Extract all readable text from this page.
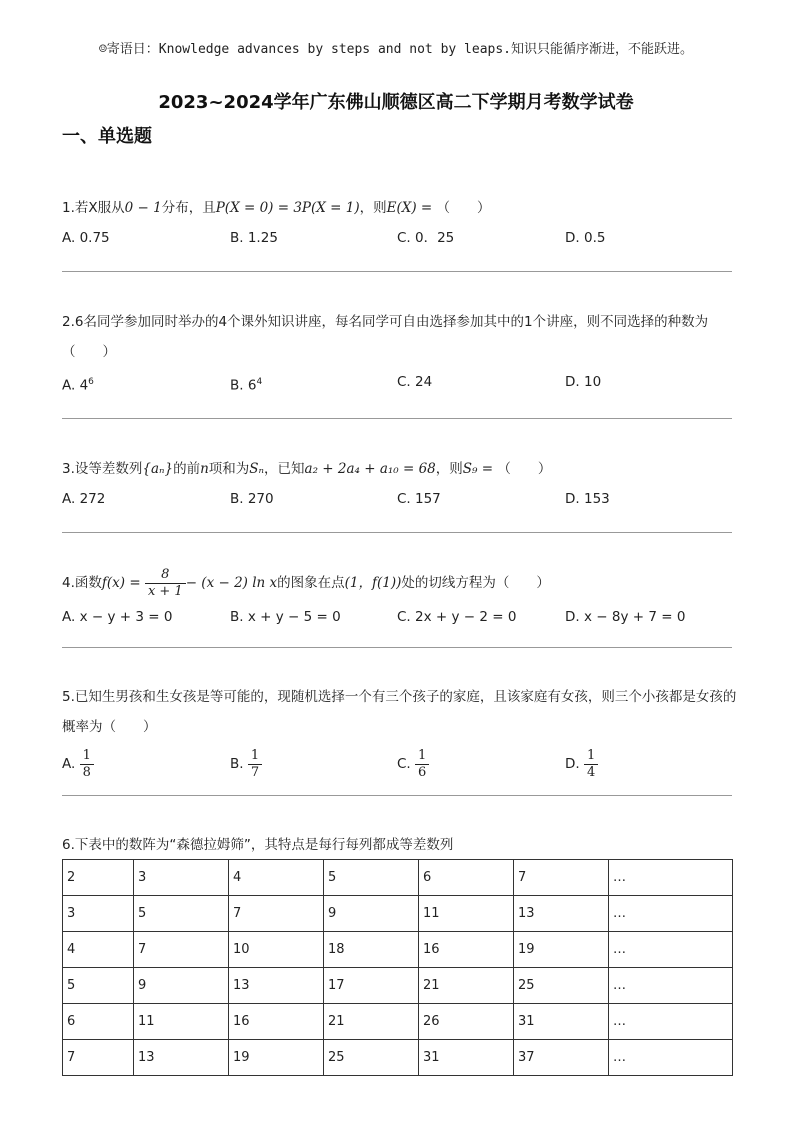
☺寄语日：Knowledge advances by steps and not by leaps.知识只能循序渐进，不能跃进。
2023~2024学年广东佛山顺德区高二下学期月考数学试卷
一、单选题
1.若X服从0 − 1分布，且P(X = 0) = 3P(X = 1)，则E(X) = （　　）
A. 0.75	B. 1.25	C. 0．25	D. 0.5
2.6名同学参加同时举办的4个课外知识讲座，每名同学可自由选择参加其中的1个讲座，则不同选择的种数为（　　）
A. $4^6$	B. $6^4$	C. 24	D. 10
3.设等差数列{aₙ}的前n项和为Sₙ，已知a₂ + 2a₄ + a₁₀ = 68，则S₉ = （　　）
A. 272	B. 270	C. 157	D. 153
4.函数$f(x) = \frac{8}{x + 1} - (x - 2)$ ln x的图象在点(1，f(1))处的切线方程为（　　）
A. x − y + 3 = 0	B. x + y − 5 = 0	C. 2x + y − 2 = 0	D. x − 8y + 7 = 0
5.已知生男孩和生女孩是等可能的，现随机选择一个有三个孩子的家庭，且该家庭有女孩，则三个小孩都是女孩的概率为（　　）
A. $\frac{1}{8}$	B. $\frac{1}{7}$	C. $\frac{1}{6}$	D. $\frac{1}{4}$
6.下表中的数阵为“森德拉姆筛”，其特点是每行每列都成等差数列
2	3	4	5	6	7	…
3	5	7	9	11	13	…
4	7	10	18	16	19	…
5	9	13	17	21	25	…
6	11	16	21	26	31	…
7	13	19	25	31	37	…
